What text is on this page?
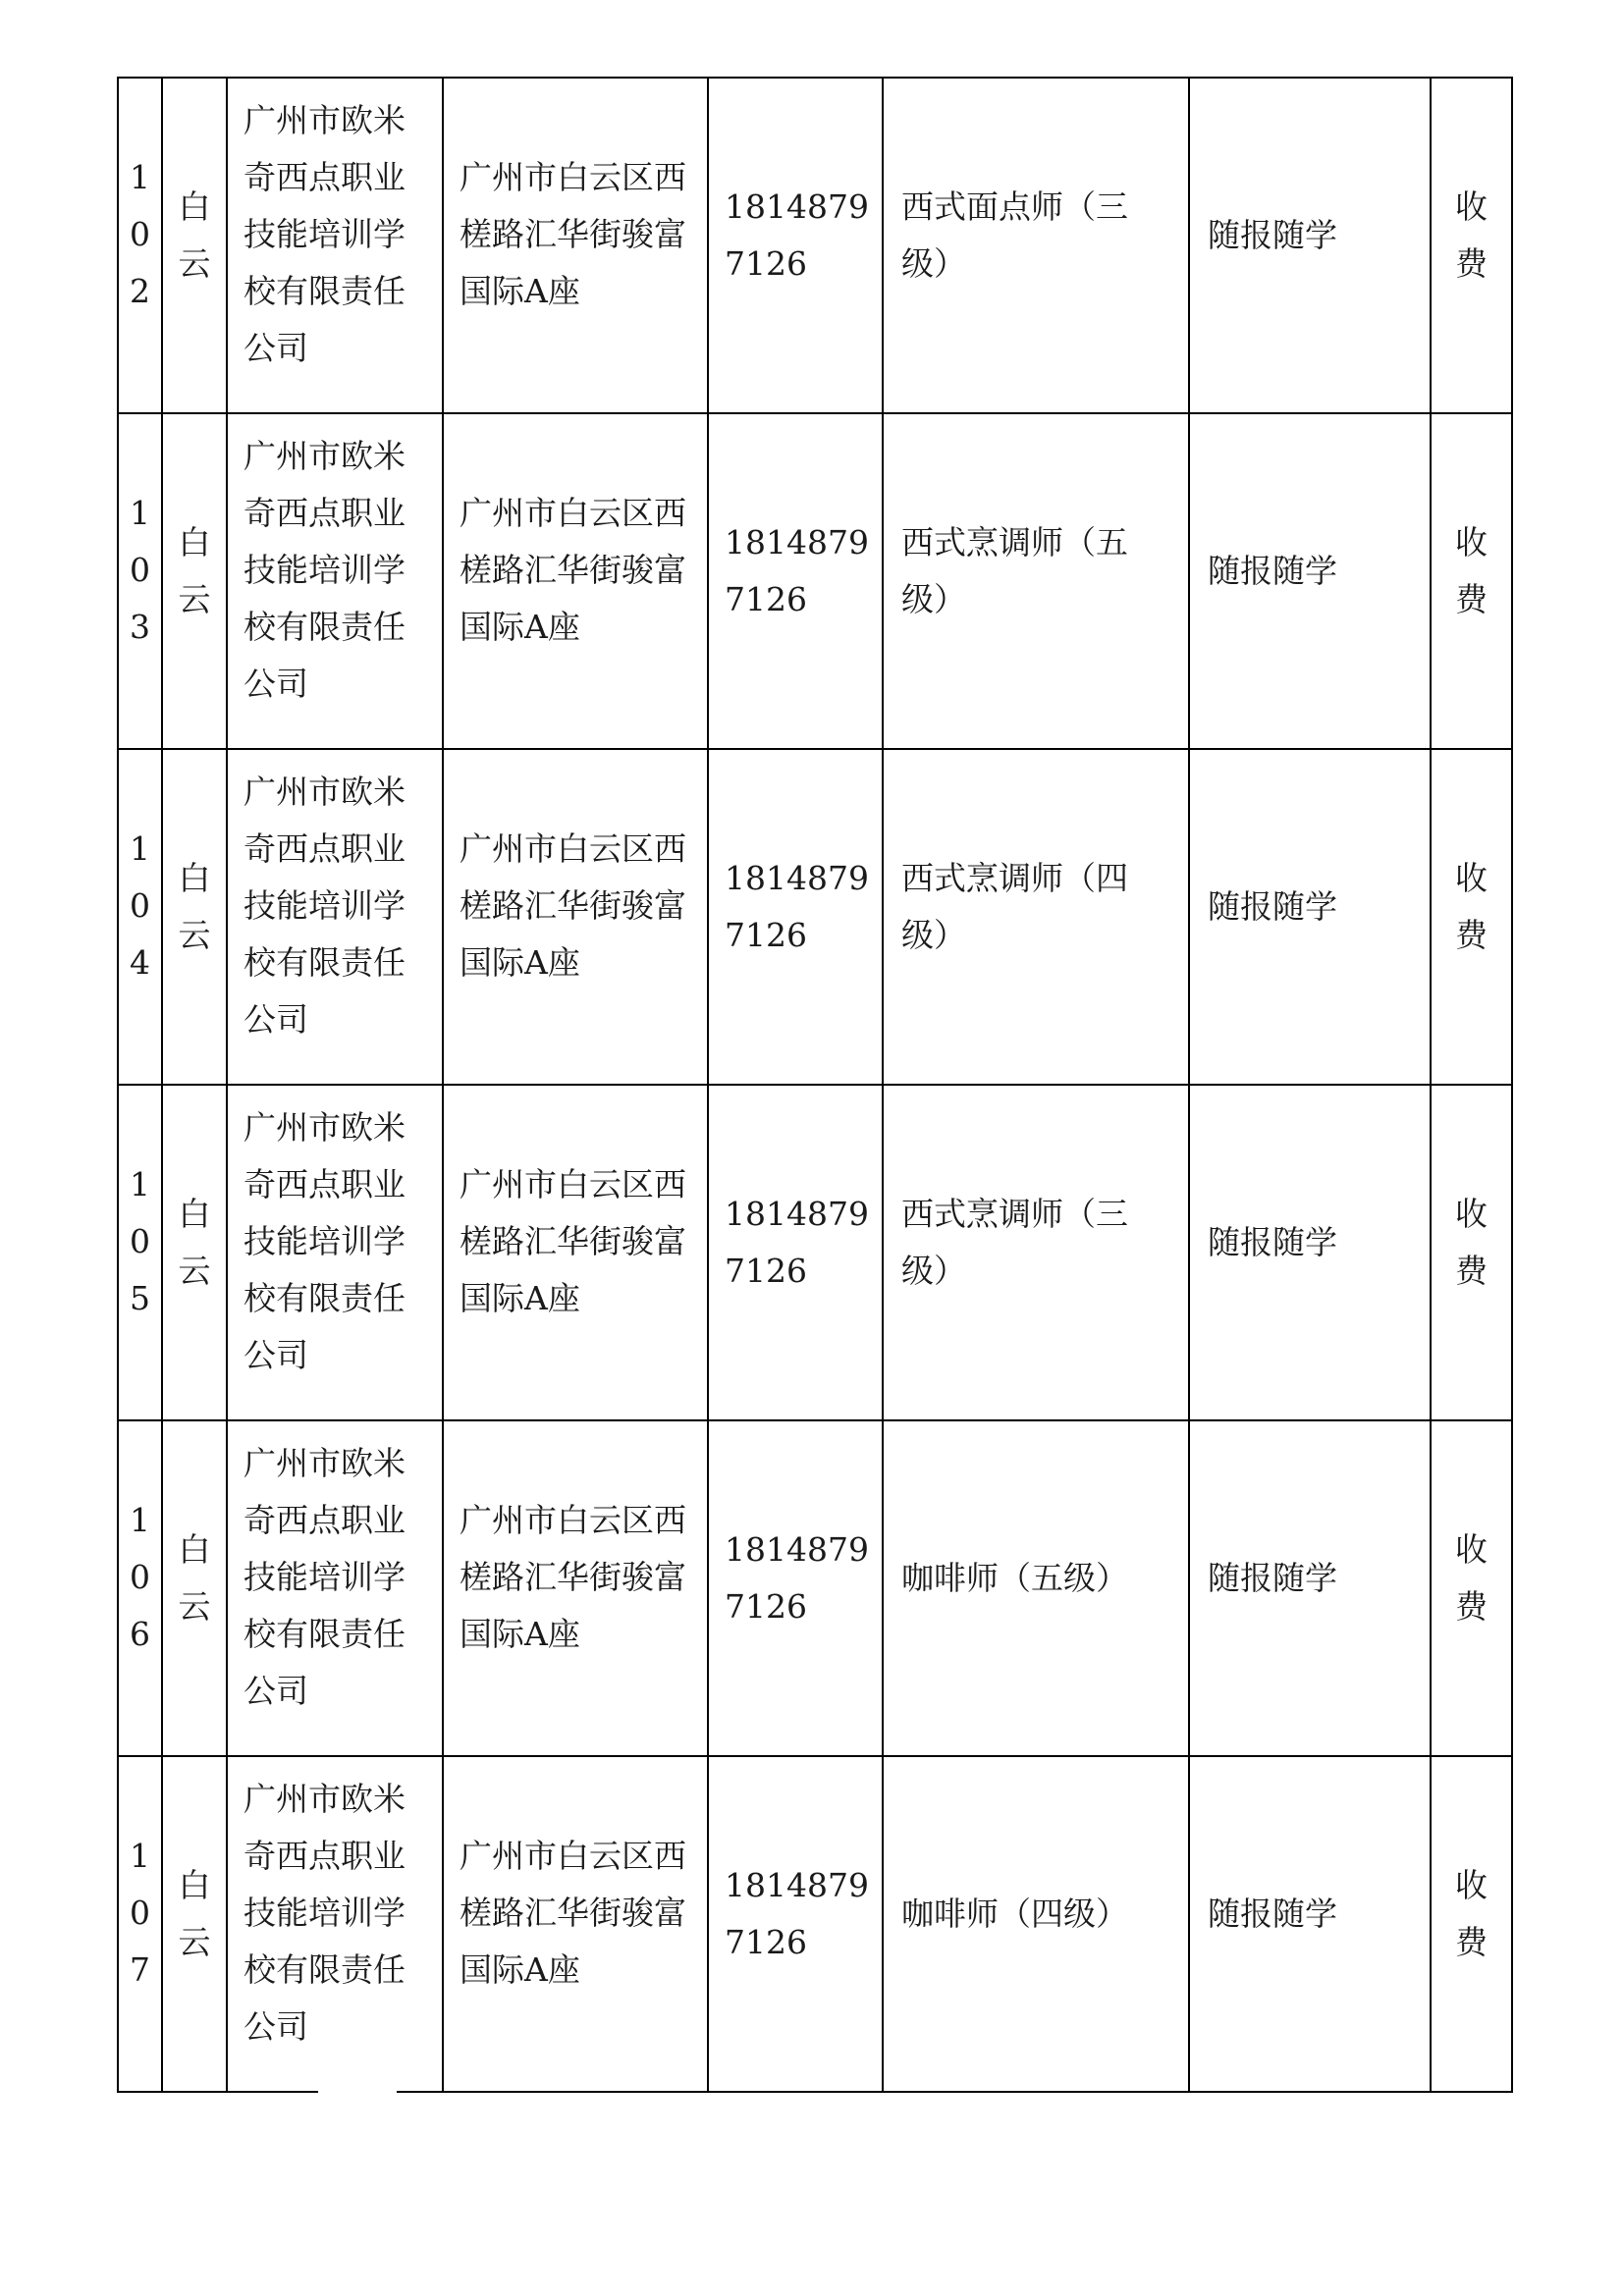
102	白云	广州市欧米奇西点职业技能培训学校有限责任公司	广州市白云区西槎路汇华街骏富国际A座	18148797126	西式面点师（三级）	随报随学	收费

103	白云	广州市欧米奇西点职业技能培训学校有限责任公司	广州市白云区西槎路汇华街骏富国际A座	18148797126	西式烹调师（五级）	随报随学	收费

104	白云	广州市欧米奇西点职业技能培训学校有限责任公司	广州市白云区西槎路汇华街骏富国际A座	18148797126	西式烹调师（四级）	随报随学	收费

105	白云	广州市欧米奇西点职业技能培训学校有限责任公司	广州市白云区西槎路汇华街骏富国际A座	18148797126	西式烹调师（三级）	随报随学	收费

106	白云	广州市欧米奇西点职业技能培训学校有限责任公司	广州市白云区西槎路汇华街骏富国际A座	18148797126	咖啡师（五级）	随报随学	收费

107	白云	广州市欧米奇西点职业技能培训学校有限责任公司	广州市白云区西槎路汇华街骏富国际A座	18148797126	咖啡师（四级）	随报随学	收费
